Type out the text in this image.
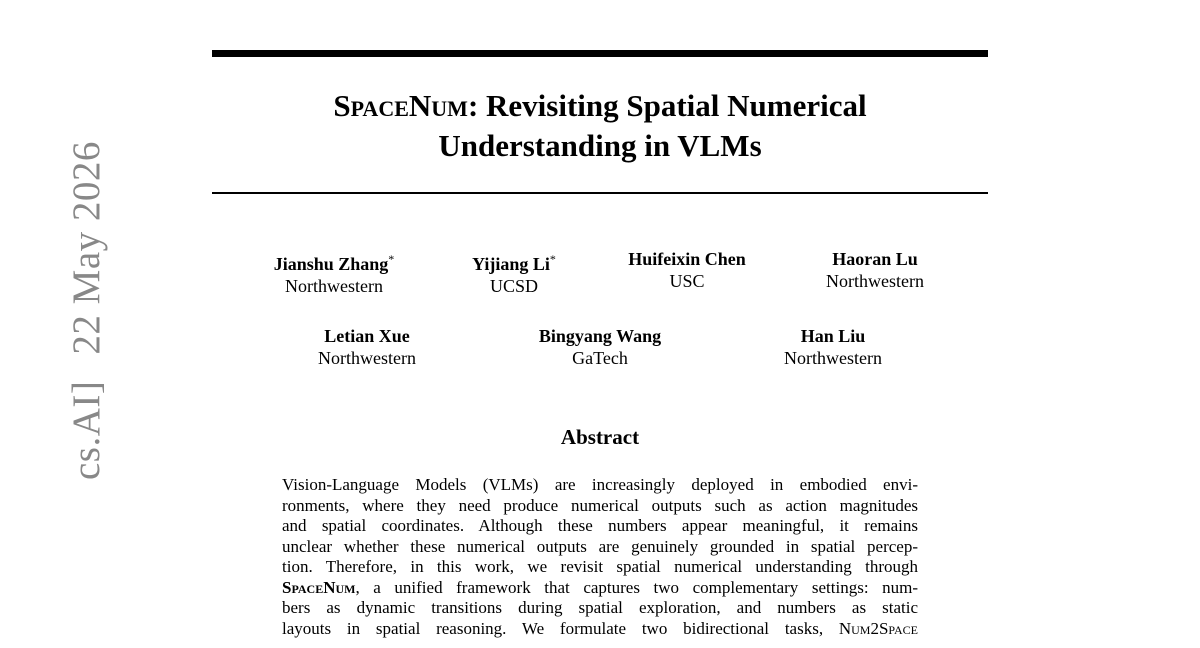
cs.AI]22 May 2026
SpaceNum: Revisiting Spatial Numerical
Understanding in VLMs
Jianshu Zhang*
Northwestern
Yijiang Li*
UCSD
Huifeixin Chen
USC
Haoran Lu
Northwestern
Letian Xue
Northwestern
Bingyang Wang
GaTech
Han Liu
Northwestern
Abstract
Vision-Language Models (VLMs) are increasingly deployed in embodied envi-
ronments, where they need produce numerical outputs such as action magnitudes
and spatial coordinates. Although these numbers appear meaningful, it remains
unclear whether these numerical outputs are genuinely grounded in spatial percep-
tion. Therefore, in this work, we revisit spatial numerical understanding through
SpaceNum, a unified framework that captures two complementary settings: num-
bers as dynamic transitions during spatial exploration, and numbers as static
layouts in spatial reasoning. We formulate two bidirectional tasks, Num2Space
